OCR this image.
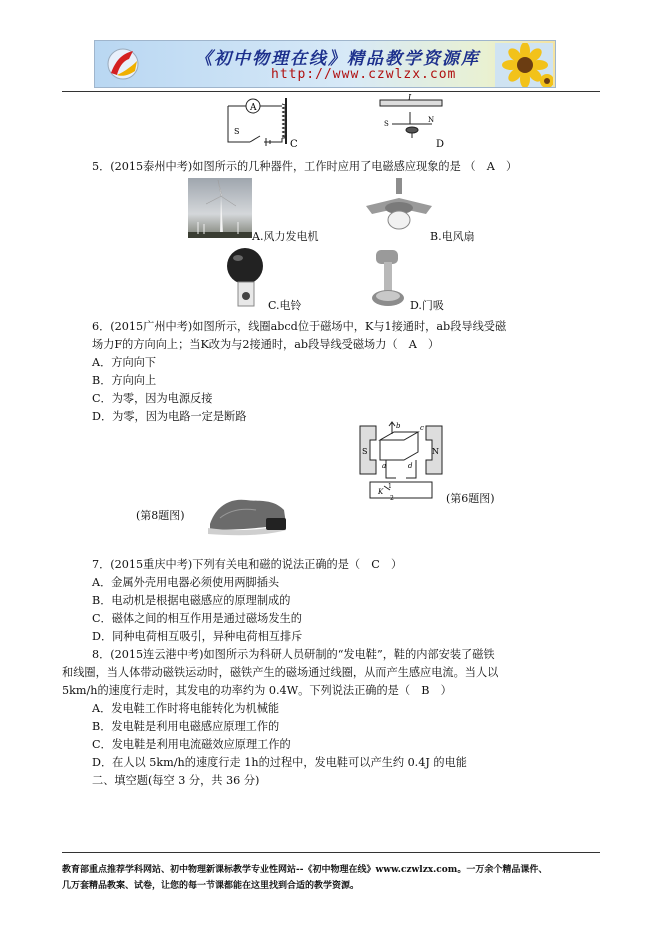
《初中物理在线》精品教学资源库
http://www.czwlzx.com
A
S
C
I
S	N
D
5．(2015泰州中考)如图所示的几种器件，工作时应用了电磁感应现象的是 （　A　）
A.风力发电机	B.电风扇
C.电铃	D.门吸
6．(2015广州中考)如图所示，线圈abcd位于磁场中，K与1接通时，ab段导线受磁
场力F的方向向上；当K改为与2接通时，ab段导线受磁场力（　A　）
A．方向向下
B．方向向上
C．为零，因为电源反接
D．为零，因为电路一定是断路
S	N
b	c
a	d
K
1
2	(第6题图)
(第8题图)
7．(2015重庆中考)下列有关电和磁的说法正确的是（　C　）
A．金属外壳用电器必须使用两脚插头
B．电动机是根据电磁感应的原理制成的
C．磁体之间的相互作用是通过磁场发生的
D．同种电荷相互吸引，异种电荷相互排斥
8．(2015连云港中考)如图所示为科研人员研制的“发电鞋”，鞋的内部安装了磁铁
和线圈，当人体带动磁铁运动时，磁铁产生的磁场通过线圈，从而产生感应电流。当人以
5km/h的速度行走时，其发电的功率约为 0.4W。下列说法正确的是（　B　）
A．发电鞋工作时将电能转化为机械能
B．发电鞋是利用电磁感应原理工作的
C．发电鞋是利用电流磁效应原理工作的
D．在人以 5km/h的速度行走 1h的过程中，发电鞋可以产生约 0.4J 的电能
二、填空题(每空 3 分，共 36 分)
教育部重点推荐学科网站、初中物理新课标教学专业性网站--《初中物理在线》www.czwlzx.com。一万余个精品课件、
几万套精品教案、试卷，让您的每一节课都能在这里找到合适的教学资源。
